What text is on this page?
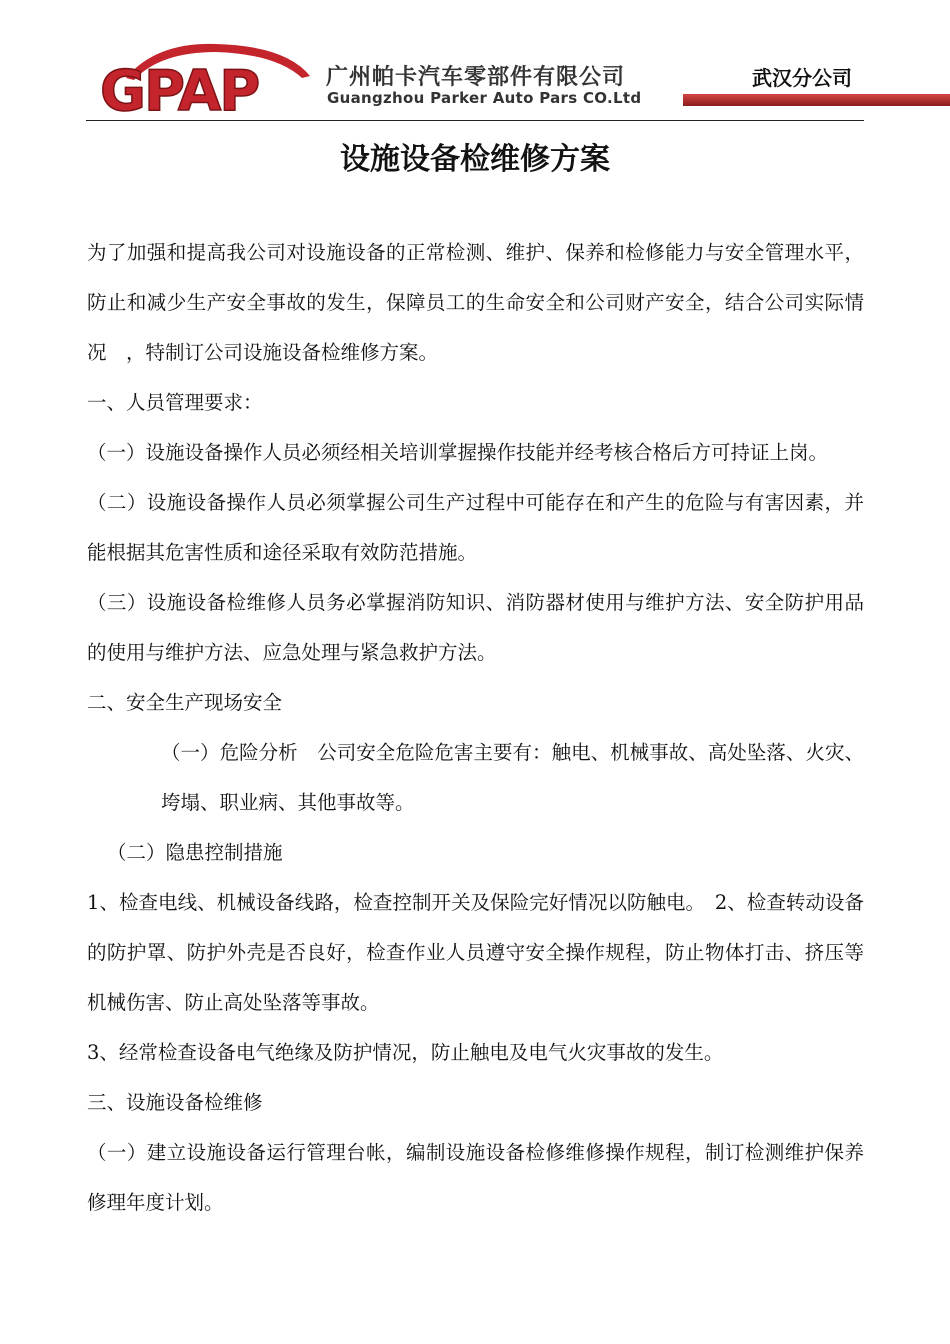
GPAP	广州帕卡汽车零部件有限公司
Guangzhou Parker Auto Pars CO.Ltd
武汉分公司
设施设备检维修方案

为了加强和提高我公司对设施设备的正常检测、维护、保养和检修能力与安全管理水平，防止和减少生产安全事故的发生，保障员工的生命安全和公司财产安全，结合公司实际情况　，特制订公司设施设备检维修方案。

一、人员管理要求：

（一）设施设备操作人员必须经相关培训掌握操作技能并经考核合格后方可持证上岗。

（二）设施设备操作人员必须掌握公司生产过程中可能存在和产生的危险与有害因素，并能根据其危害性质和途径采取有效防范措施。

（三）设施设备检维修人员务必掌握消防知识、消防器材使用与维护方法、安全防护用品的使用与维护方法、应急处理与紧急救护方法。

二、安全生产现场安全

（一）危险分析　公司安全危险危害主要有：触电、机械事故、高处坠落、火灾、垮塌、职业病、其他事故等。

（二）隐患控制措施

1、检查电线、机械设备线路，检查控制开关及保险完好情况以防触电。　2、检查转动设备的防护罩、防护外壳是否良好，检查作业人员遵守安全操作规程，防止物体打击、挤压等机械伤害、防止高处坠落等事故。

3、经常检查设备电气绝缘及防护情况，防止触电及电气火灾事故的发生。

三、设施设备检维修

（一）建立设施设备运行管理台帐，编制设施设备检修维修操作规程，制订检测维护保养修理年度计划。
